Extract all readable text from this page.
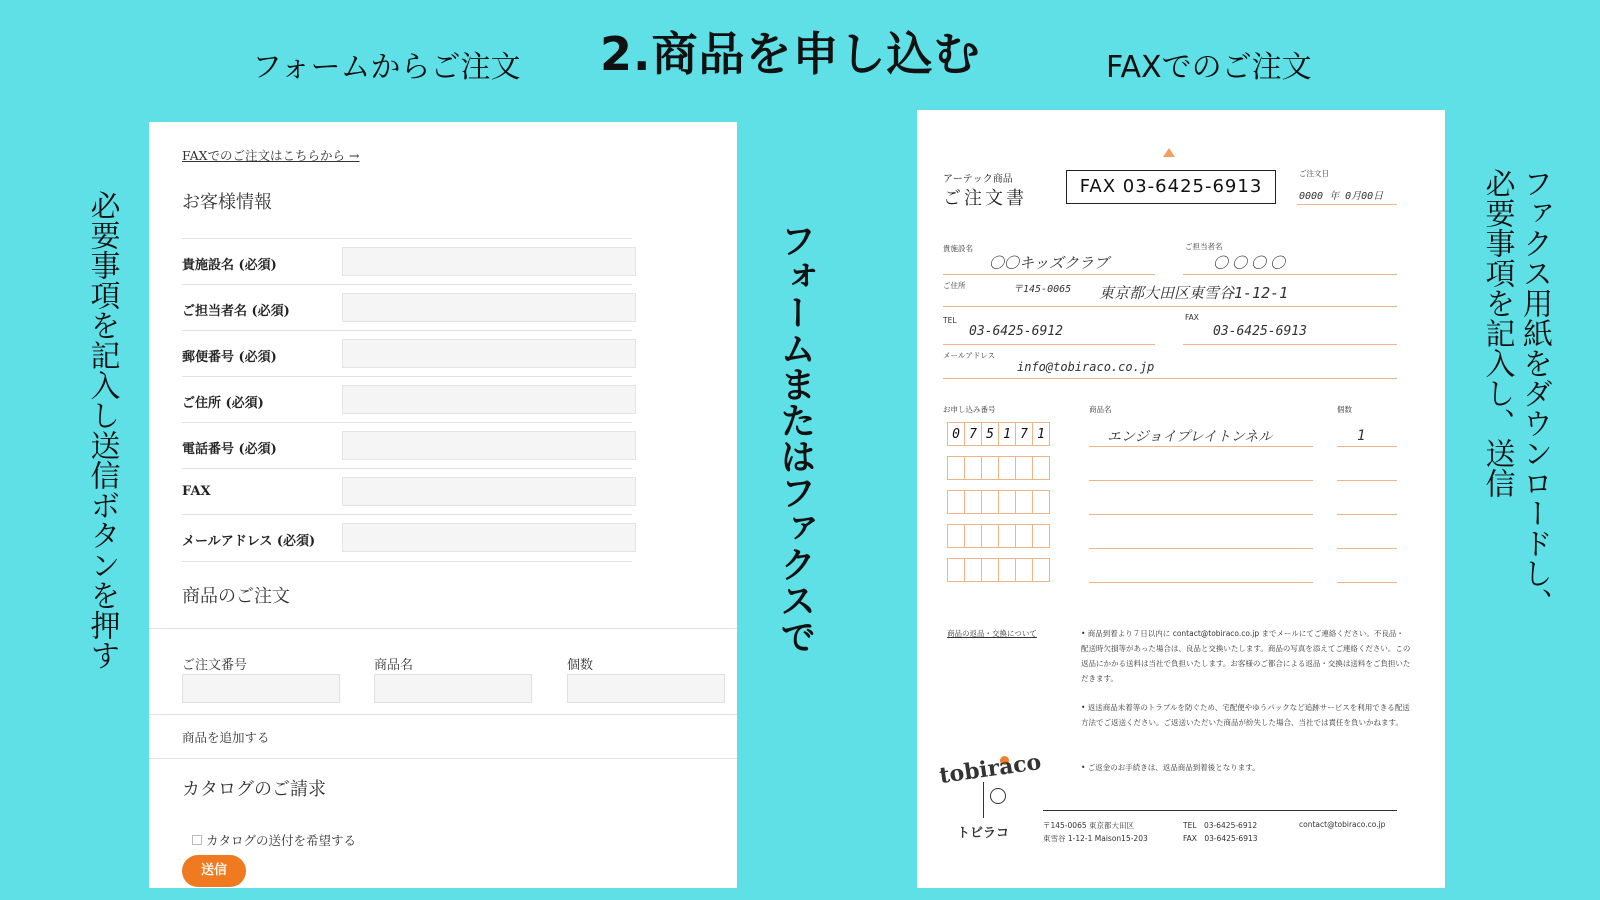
2.商品を申し込む
フォームからご注文	FAXでのご注文
必要事項を記入し送信ボタンを押す	フォームまたはファクスで	ファクス用紙をダウンロードし、必要事項を記入し、送信
FAXでのご注文はこちらから →
お客様情報
貴施設名 (必須)
ご担当者名 (必須)
郵便番号 (必須)
ご住所 (必須)
電話番号 (必須)
FAX
メールアドレス (必須)
商品のご注文
ご注文番号	商品名	個数
商品を追加する
カタログのご請求
カタログの送付を希望する
送信
アーテック商品
ご注文書
FAX 03-6425-6913
ご注文日
0000 年 0月00日
貴施設名
〇〇キッズクラブ
ご担当者名
〇〇〇〇
ご住所	〒145-0065 東京都大田区東雪谷1-12-1
TEL
03-6425-6912
FAX
03-6425-6913
メールアドレス
info@tobiraco.co.jp
お申し込み番号	商品名	個数
0 7 5 1 7 1	エンジョイプレイトンネル	1
商品の返品・交換について	• 商品到着より７日以内に contact@tobiraco.co.jp までメールにてご連絡ください。不良品・配送時欠損等があった場合は、良品と交換いたします。商品の写真を添えてご連絡ください。この返品にかかる送料は当社で負担いたします。お客様のご都合による返品・交換は送料をご負担いただきます。
• 返送商品未着等のトラブルを防ぐため、宅配便やゆうパックなど追跡サービスを利用できる配送方法でご返送ください。ご返送いただいた商品が紛失した場合、当社では責任を負いかねます。
• ご返金のお手続きは、返品商品到着後となります。
tobiraco
トビラコ
〒145-0065 東京都大田区
東雪谷 1-12-1 Maison15-203
TEL　03-6425-6912
FAX　03-6425-6913
contact@tobiraco.co.jp
